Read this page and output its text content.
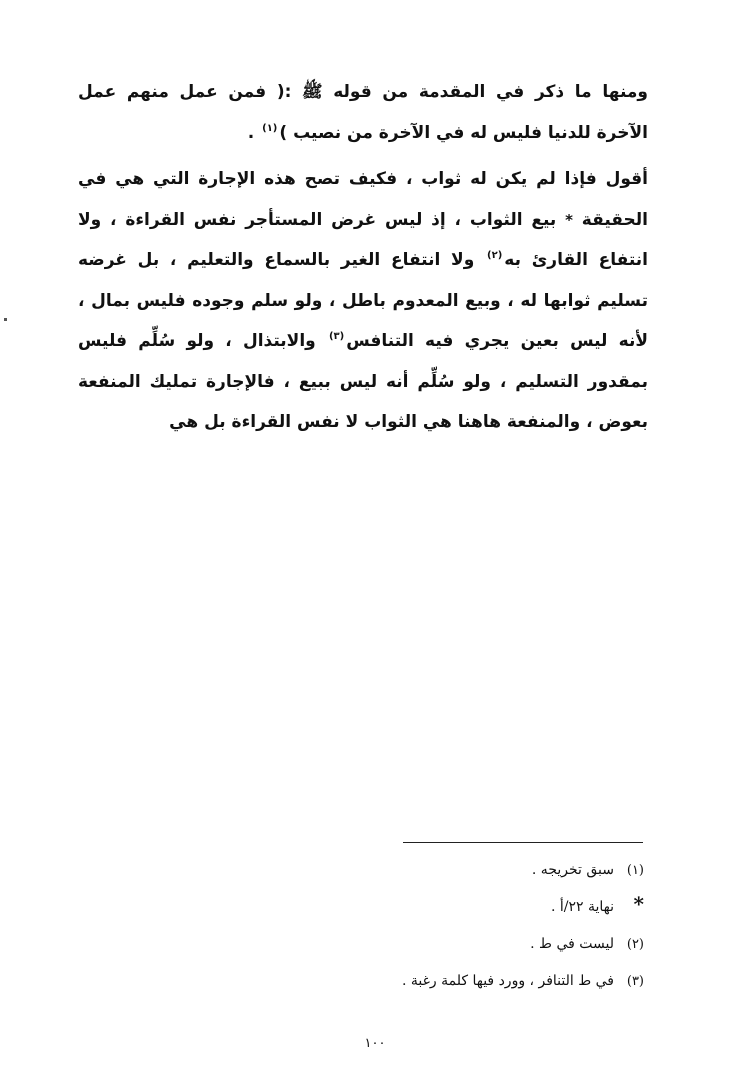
ومنها ما ذكر في المقدمة من قوله ﷺ :( فمن عمل منهم عمل الآخرة للدنيا فليس له في الآخرة من نصيب )$^{(١)}$ .

أقول فإذا لم يكن له ثواب ، فكيف تصح هذه الإجارة التي هي في الحقيقة * بيع الثواب ، إذ ليس غرض المستأجر نفس القراءة ، ولا انتفاع القارئ به$^{(٢)}$ ولا انتفاع الغير بالسماع والتعليم ، بل غرضه تسليم ثوابها له ، وبيع المعدوم باطل ، ولو سلم وجوده فليس بمال ، لأنه ليس بعين يجري فيه التنافس$^{(٣)}$ والابتذال ، ولو سُلِّم فليس بمقدور التسليم ، ولو سُلِّم أنه ليس ببيع ، فالإجارة تمليك المنفعة بعوض ، والمنفعة هاهنا هي الثواب لا نفس القراءة بل هي

(١)
سبق تخريجه .
*
نهاية ٢٢/أ .
(٢)
ليست في ط .
(٣)
في ط التنافر ، وورد فيها كلمة رغبة .
١٠٠
